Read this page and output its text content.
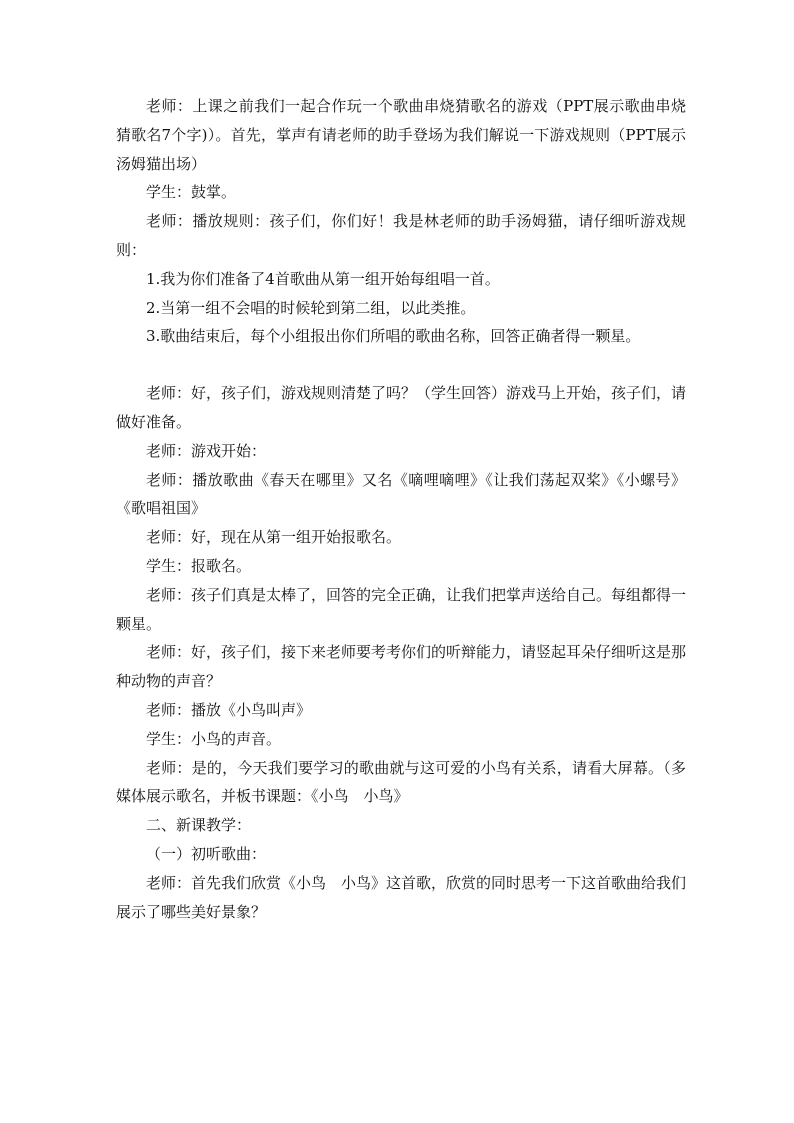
老师：上课之前我们一起合作玩一个歌曲串烧猜歌名的游戏（PPT展示歌曲串烧猜歌名7个字)）。首先，掌声有请老师的助手登场为我们解说一下游戏规则（PPT展示汤姆猫出场）

学生：鼓掌。

老师：播放规则：孩子们，你们好！我是林老师的助手汤姆猫，请仔细听游戏规则：

1.我为你们准备了4首歌曲从第一组开始每组唱一首。

2.当第一组不会唱的时候轮到第二组，以此类推。

3.歌曲结束后，每个小组报出你们所唱的歌曲名称，回答正确者得一颗星。

老师：好，孩子们，游戏规则清楚了吗？（学生回答）游戏马上开始，孩子们，请做好准备。

老师：游戏开始：

老师：播放歌曲《春天在哪里》又名《嘀哩嘀哩》《让我们荡起双桨》《小螺号》《歌唱祖国》

老师：好，现在从第一组开始报歌名。

学生：报歌名。

老师：孩子们真是太棒了，回答的完全正确，让我们把掌声送给自己。每组都得一颗星。

老师：好，孩子们，接下来老师要考考你们的听辩能力，请竖起耳朵仔细听这是那种动物的声音？

老师：播放《小鸟叫声》

学生：小鸟的声音。

老师：是的，今天我们要学习的歌曲就与这可爱的小鸟有关系，请看大屏幕。（多媒体展示歌名，并板书课题：《小鸟　小鸟》

二、新课教学：

（一）初听歌曲：

老师：首先我们欣赏《小鸟　小鸟》这首歌，欣赏的同时思考一下这首歌曲给我们展示了哪些美好景象？
